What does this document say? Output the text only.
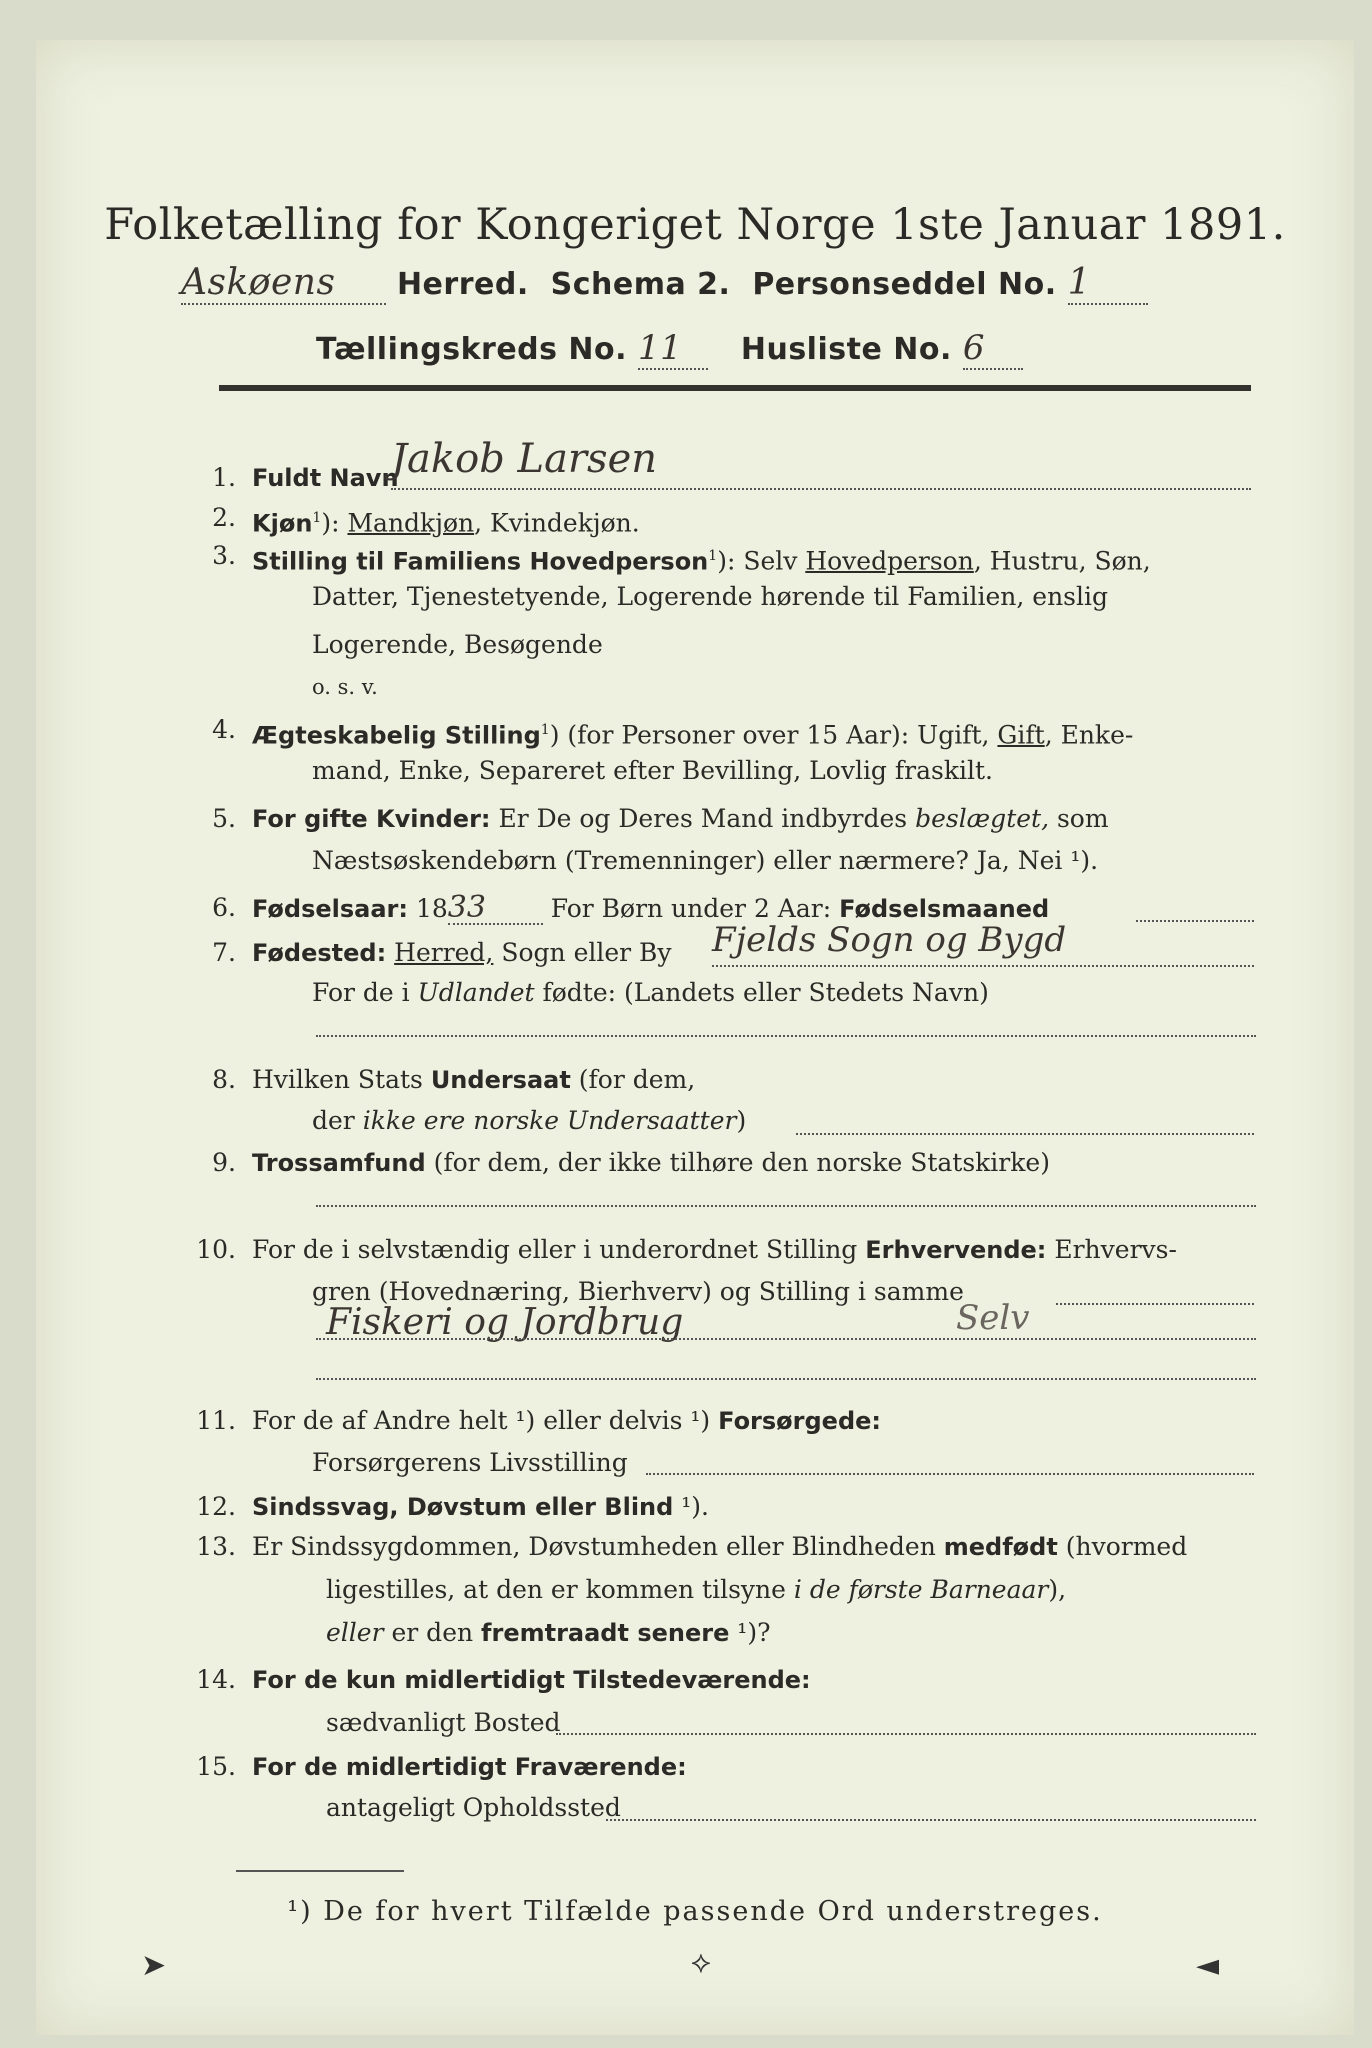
Folketælling for Kongeriget Norge 1ste Januar 1891.
Askøens Herred. Schema 2. Personseddel No. 1
Tællingskreds No. 11 Husliste No. 6
1. Fuldt Navn
Jakob Larsen
2. Kjøn$^1$): Mandkjøn, Kvindekjøn.
3. Stilling til Familiens Hovedperson$^1$): Selv Hovedperson, Hustru, Søn,
Datter, Tjenestetyende, Logerende hørende til Familien, enslig
Logerende, Besøgende
o. s. v.
4. Ægteskabelig Stilling$^1$) (for Personer over 15 Aar): Ugift, Gift, Enke-
mand, Enke, Separeret efter Bevilling, Lovlig fraskilt.
5. For gifte Kvinder: Er De og Deres Mand indbyrdes beslægtet, som
Næstsøskendebørn (Tremenninger) eller nærmere? Ja, Nei ¹).
6. Fødselsaar: 1833 For Børn under 2 Aar: Fødselsmaaned
7. Fødested: Herred, Sogn eller By Fjelds Sogn og Bygd
For de i Udlandet fødte: (Landets eller Stedets Navn)
8. Hvilken Stats Undersaat (for dem,
der ikke ere norske Undersaatter)
9. Trossamfund (for dem, der ikke tilhøre den norske Statskirke)
10. For de i selvstændig eller i underordnet Stilling Erhvervende: Erhvervs-
gren (Hovednæring, Bierhverv) og Stilling i samme
Fiskeri og Jordbrug	Selv
11. For de af Andre helt ¹) eller delvis ¹) Forsørgede:
Forsørgerens Livsstilling
12. Sindssvag, Døvstum eller Blind ¹).
13. Er Sindssygdommen, Døvstumheden eller Blindheden medfødt (hvormed
ligestilles, at den er kommen tilsyne i de første Barneaar),
eller er den fremtraadt senere ¹)?
14. For de kun midlertidigt Tilstedeværende:
sædvanligt Bosted
15. For de midlertidigt Fraværende:
antageligt Opholdssted
¹) De for hvert Tilfælde passende Ord understreges.
➤	⟡	◄
